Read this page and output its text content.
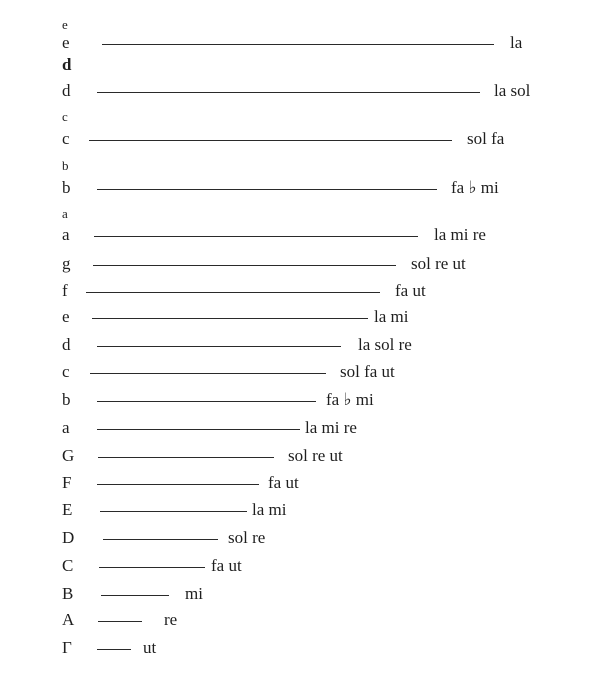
e
e	la
d
d	la sol
c
c	sol fa
b
b	fa ♭ mi
a
a	la mi re
g	sol re ut
f	fa ut
e	la mi
d	la sol re
c	sol fa ut
b	fa ♭ mi
a	la mi re
G	sol re ut
F	fa ut
E	la mi
D	sol re
C	fa ut
B	mi
A	re
Γ	ut
